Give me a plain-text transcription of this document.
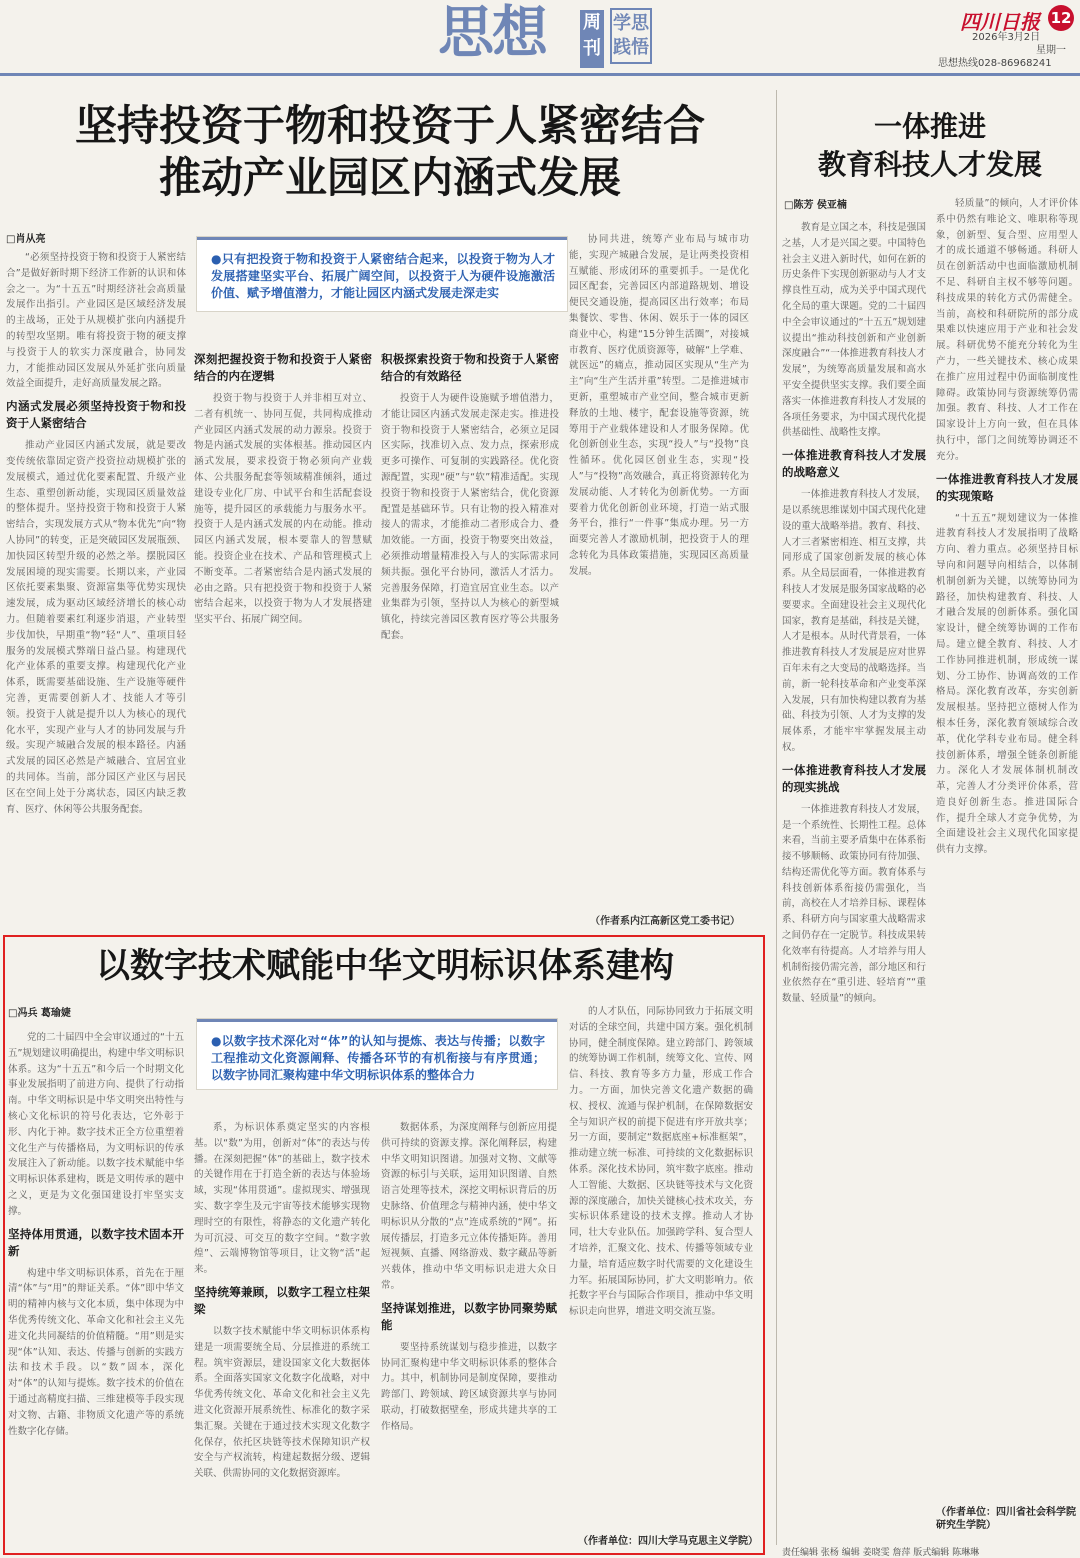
思想 周刊
学思践悟
四川日报 12
2026年3月2日
星期一
思想热线028-86968241
坚持投资于物和投资于人紧密结合
推动产业园区内涵式发展
□肖从亮
●只有把投资于物和投资于人紧密结合起来，以投资于物为人才发展搭建坚实平台、拓展广阔空间，以投资于人为硬件设施激活价值、赋予增值潜力，才能让园区内涵式发展走深走实

“必须坚持投资于物和投资于人紧密结合”是做好新时期下经济工作新的认识和体会之一。为“十五五”时期经济社会高质量发展作出指引。产业园区是区域经济发展的主战场，正处于从规模扩张向内涵提升的转型攻坚期。唯有将投资于物的硬支撑与投资于人的软实力深度融合，协同发力，才能推动园区发展从外延扩张向质量效益全面提升，走好高质量发展之路。

内涵式发展必须坚持投资于物和投资于人紧密结合

推动产业园区内涵式发展，就是要改变传统依靠固定资产投资拉动规模扩张的发展模式，通过优化要素配置、升级产业生态、重塑创新动能，实现园区质量效益的整体提升。坚持投资于物和投资于人紧密结合，实现发展方式从“物本优先”向“物人协同”的转变，正是突破园区发展瓶颈、加快园区转型升级的必然之举。摆脱园区发展困境的现实需要。长期以来，产业园区依托要素集聚、资源富集等优势实现快速发展，成为驱动区域经济增长的核心动力。但随着要素红利逐步消退，产业转型步伐加快，早期重“物”轻“人”、重项目轻服务的发展模式弊端日益凸显。构建现代化产业体系的重要支撑。构建现代化产业体系，既需要基础设施、生产设施等硬件完善，更需要创新人才、技能人才等引领。投资于人就是提升以人为核心的现代化水平，实现产业与人才的协同发展与升级。实现产城融合发展的根本路径。内涵式发展的园区必然是产城融合、宜居宜业的共同体。当前，部分园区产业区与居民区在空间上处于分离状态，园区内缺乏教育、医疗、休闲等公共服务配套。

深刻把握投资于物和投资于人紧密结合的内在逻辑

投资于物与投资于人并非相互对立、二者有机统一、协同互促，共同构成推动产业园区内涵式发展的动力源泉。投资于物是内涵式发展的实体根基。推动园区内涵式发展，要求投资于物必须向产业载体、公共服务配套等领域精准倾斜，通过建设专业化厂房、中试平台和生活配套设施等，提升园区的承载能力与服务水平。投资于人是内涵式发展的内在动能。推动园区内涵式发展，根本要靠人的智慧赋能。投资企业在技术、产品和管理模式上不断变革。二者紧密结合是内涵式发展的必由之路。只有把投资于物和投资于人紧密结合起来，以投资于物为人才发展搭建坚实平台、拓展广阔空间。

积极探索投资于物和投资于人紧密结合的有效路径

投资于人为硬件设施赋予增值潜力，才能让园区内涵式发展走深走实。推进投资于物和投资于人紧密结合，必须立足园区实际，找准切入点、发力点，探索形成更多可操作、可复制的实践路径。优化资源配置，实现“硬”与“软”精准适配。实现投资于物和投资于人紧密结合，优化资源配置是基础环节。只有让物的投入精准对接人的需求，才能推动二者形成合力、叠加效能。一方面，投资于物要突出效益，必须推动增量精准投入与人的实际需求同频共振。强化平台协同，激活人才活力。完善服务保障，打造宜居宜业生态。以产业集群为引领，坚持以人为核心的新型城镇化，持续完善园区教育医疗等公共服务配套。

协同共进，统筹产业布局与城市功能，实现产城融合发展，是让两类投资相互赋能、形成闭环的重要抓手。一是优化园区配套，完善园区内部道路规划、增设便民交通设施，提高园区出行效率；布局集餐饮、零售、休闲、娱乐于一体的园区商业中心，构建“15分钟生活圈”，对接城市教育、医疗优质资源等，破解“上学难、就医远”的痛点，推动园区实现从“生产为主”向“生产生活并重”转型。二是推进城市更新，重塑城市产业空间，整合城市更新释放的土地、楼宇，配套设施等资源，统筹用于产业载体建设和人才服务保障。优化创新创业生态，实现“投人”与“投物”良性循环。优化园区创业生态，实现“投人”与“投物”高效融合，真正将资源转化为发展动能、人才转化为创新优势。一方面要着力优化创新创业环境，打造一站式服务平台，推行“一件事”集成办理。另一方面要完善人才激励机制，把投资于人的理念转化为具体政策措施，实现园区高质量发展。

（作者系内江高新区党工委书记）
一体推进
教育科技人才发展
□陈芳 侯亚楠

教育是立国之本，科技是强国之基，人才是兴国之要。中国特色社会主义进入新时代，如何在新的历史条件下实现创新驱动与人才支撑良性互动，成为关乎中国式现代化全局的重大课题。党的二十届四中全会审议通过的“十五五”规划建议提出“推动科技创新和产业创新深度融合”“一体推进教育科技人才发展”，为统筹高质量发展和高水平安全提供坚实支撑。我们要全面落实一体推进教育科技人才发展的各项任务要求，为中国式现代化提供基础性、战略性支撑。

一体推进教育科技人才发展的战略意义

一体推进教育科技人才发展，是以系统思维谋划中国式现代化建设的重大战略举措。教育、科技、人才三者紧密相连、相互支撑，共同形成了国家创新发展的核心体系。从全局层面看，一体推进教育科技人才发展是服务国家战略的必要要求。全面建设社会主义现代化国家，教育是基础，科技是关键，人才是根本。从时代背景看，一体推进教育科技人才发展是应对世界百年未有之大变局的战略选择。当前，新一轮科技革命和产业变革深入发展，只有加快构建以教育为基础、科技为引领、人才为支撑的发展体系，才能牢牢掌握发展主动权。

一体推进教育科技人才发展的现实挑战

一体推进教育科技人才发展，是一个系统性、长期性工程。总体来看，当前主要矛盾集中在体系衔接不够顺畅、政策协同有待加强、结构还需优化等方面。教育体系与科技创新体系衔接仍需强化，当前，高校在人才培养目标、课程体系、科研方向与国家重大战略需求之间仍存在一定脱节。科技成果转化效率有待提高。人才培养与用人机制衔接仍需完善，部分地区和行业依然存在“重引进、轻培育”“重数量、轻质量”的倾向。

轻质量”的倾向，人才评价体系中仍然有唯论文、唯职称等现象，创新型、复合型、应用型人才的成长通道不够畅通。科研人员在创新活动中也面临激励机制不足、科研自主权不够等问题。科技成果的转化方式仍需健全。当前，高校和科研院所的部分成果难以快速应用于产业和社会发展。科研优势不能充分转化为生产力，一些关键技术、核心成果在推广应用过程中仍面临制度性障碍。政策协同与资源统筹仍需加强。教育、科技、人才工作在国家设计上方向一致，但在具体执行中，部门之间统筹协调还不充分。

一体推进教育科技人才发展的实现策略

“十五五”规划建议为一体推进教育科技人才发展指明了战略方向、着力重点。必须坚持目标导向和问题导向相结合，以体制机制创新为关键，以统筹协同为路径，加快构建教育、科技、人才融合发展的创新体系。强化国家设计，健全统筹协调的工作布局。建立健全教育、科技、人才工作协同推进机制，形成统一谋划、分工协作、协调高效的工作格局。深化教育改革，夯实创新发展根基。坚持把立德树人作为根本任务，深化教育领域综合改革，优化学科专业布局。健全科技创新体系，增强全链条创新能力。深化人才发展体制机制改革，完善人才分类评价体系，营造良好创新生态。推进国际合作，提升全球人才竞争优势，为全面建设社会主义现代化国家提供有力支撑。

（作者单位：四川省社会科学院研究生学院）
以数字技术赋能中华文明标识体系建构
□冯兵 葛瑜婕
●以数字技术深化对“体”的认知与提炼、表达与传播；以数字工程推动文化资源阐释、传播各环节的有机衔接与有序贯通；以数字协同汇聚构建中华文明标识体系的整体合力

党的二十届四中全会审议通过的“十五五”规划建议明确提出，构建中华文明标识体系。这为“十五五”和今后一个时期文化事业发展指明了前进方向、提供了行动指南。中华文明标识是中华文明突出特性与核心文化标识的符号化表达，它外彰于形、内化于神。数字技术正全方位重塑着文化生产与传播格局，为文明标识的传承发展注入了新动能。以数字技术赋能中华文明标识体系建构，既是文明传承的题中之义，更是为文化强国建设打牢坚实支撑。

坚持体用贯通，以数字技术固本开新

构建中华文明标识体系，首先在于厘清“体”与“用”的辩证关系。“体”即中华文明的精神内核与文化本质，集中体现为中华优秀传统文化、革命文化和社会主义先进文化共同凝结的价值精髓。“用”则是实现“体”认知、表达、传播与创新的实践方法和技术手段。以“数”固本，深化对“体”的认知与提炼。数字技术的价值在于通过高精度扫描、三维建模等手段实现对文物、古籍、非物质文化遗产等的系统性数字化存储。

系，为标识体系奠定坚实的内容根基。以“数”为用，创新对“体”的表达与传播。在深刻把握“体”的基础上，数字技术的关键作用在于打造全新的表达与体验场域，实现“体用贯通”。虚拟现实、增强现实、数字孪生及元宇宙等技术能够实现物理时空的有限性，将静态的文化遗产转化为可沉浸、可交互的数字空间。“数字敦煌”、云端博物馆等项目，让文物“活”起来。

坚持统筹兼顾，以数字工程立柱架梁

以数字技术赋能中华文明标识体系构建是一项需要统全局、分层推进的系统工程。筑牢资源层，建设国家文化大数据体系。全面落实国家文化数字化战略，对中华优秀传统文化、革命文化和社会主义先进文化资源开展系统性、标准化的数字采集汇聚。关键在于通过技术实现文化数字化保存，依托区块链等技术保障知识产权安全与产权流转，构建起数据分级、逻辑关联、供需协同的文化数据资源库。

数据体系，为深度阐释与创新应用提供可持续的资源支撑。深化阐释层，构建中华文明知识图谱。加强对文物、文献等资源的标引与关联，运用知识图谱、自然语言处理等技术，深挖文明标识背后的历史脉络、价值理念与精神内涵，使中华文明标识从分散的“点”连成系统的“网”。拓展传播层，打造多元立体传播矩阵。善用短视频、直播、网络游戏、数字藏品等新兴载体，推动中华文明标识走进大众日常。

坚持谋划推进，以数字协同聚势赋能

要坚持系统谋划与稳步推进，以数字协同汇聚构建中华文明标识体系的整体合力。其中，机制协同是制度保障，要推动跨部门、跨领域、跨区域资源共享与协同联动，打破数据壁垒，形成共建共享的工作格局。

的人才队伍，同际协同致力于拓展文明对话的全球空间，共建中国方案。强化机制协同，健全制度保障。建立跨部门、跨领域的统筹协调工作机制，统筹文化、宣传、网信、科技、教育等多方力量，形成工作合力。一方面，加快完善文化遗产数据的确权、授权、流通与保护机制，在保障数据安全与知识产权的前提下促进有序开放共享；另一方面，要制定“数据底座+标准框架”，推动建立统一标准、可持续的文化数据标识体系。深化技术协同，筑牢数字底座。推动人工智能、大数据、区块链等技术与文化资源的深度融合，加快关键核心技术攻关，夯实标识体系建设的技术支撑。推动人才协同，壮大专业队伍。加强跨学科、复合型人才培养，汇聚文化、技术、传播等领域专业力量，培育适应数字时代需要的文化建设生力军。拓展国际协同，扩大文明影响力。依托数字平台与国际合作项目，推动中华文明标识走向世界，增进文明交流互鉴。

（作者单位：四川大学马克思主义学院）
责任编辑 张杨 编辑 姜晓雯 詹萍 版式编辑 陈琳琳
